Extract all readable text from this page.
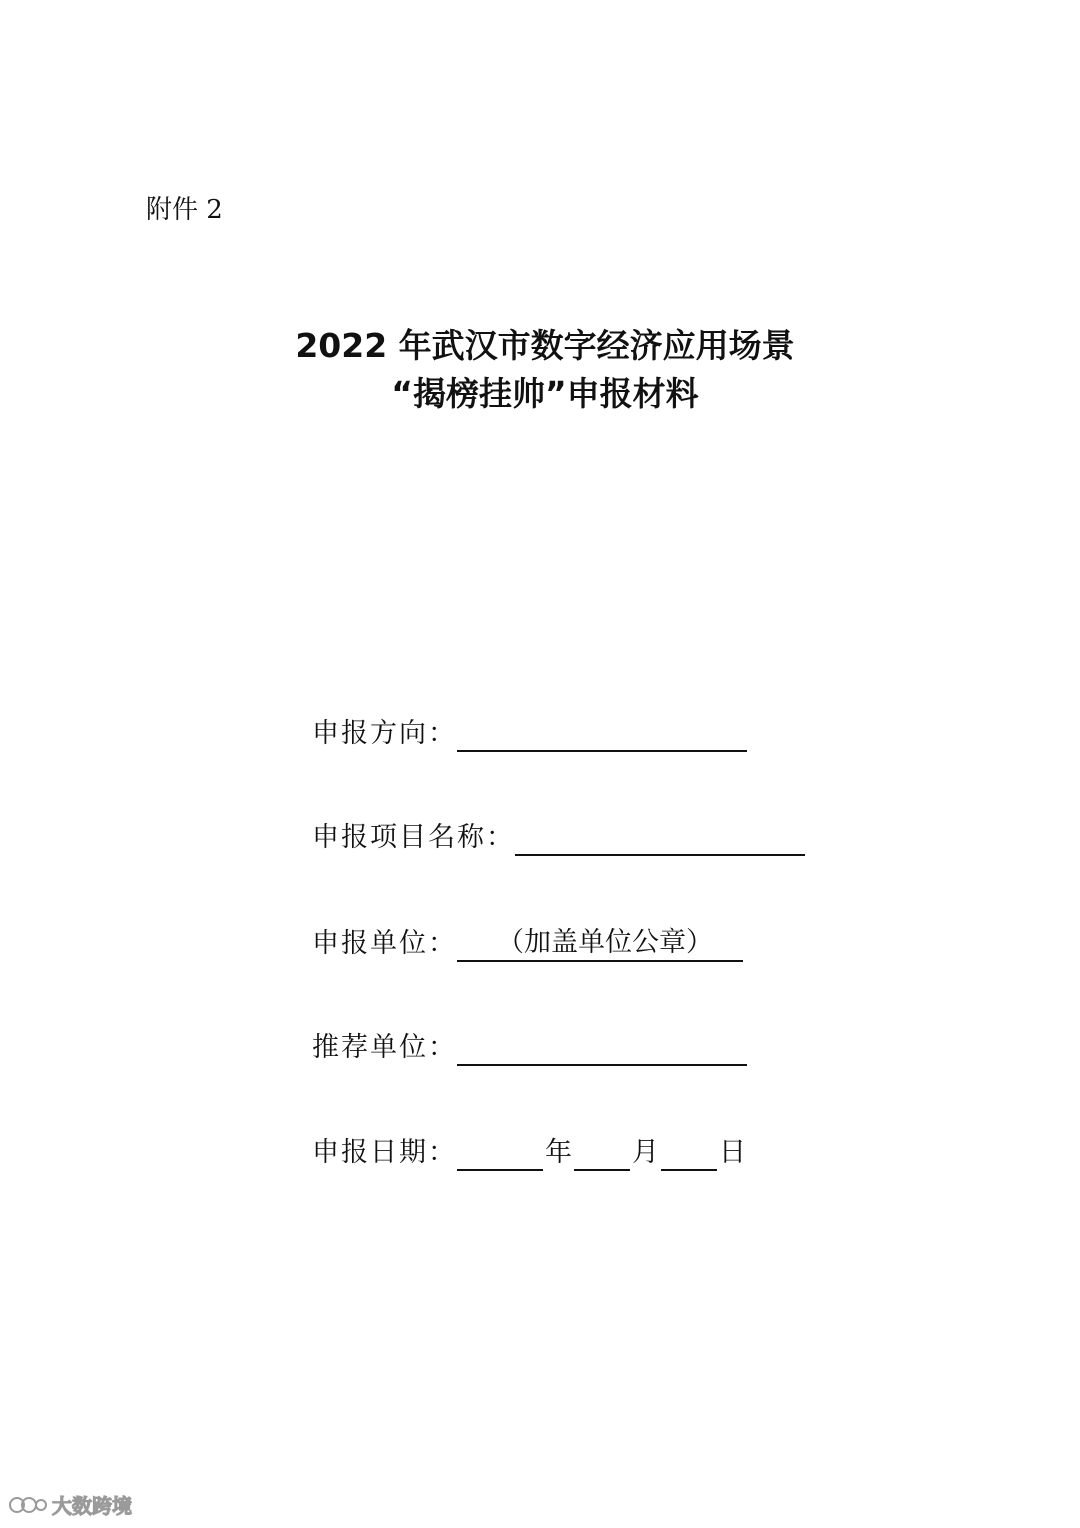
附件 2
2022 年武汉市数字经济应用场景
“揭榜挂帅”申报材料
申报方向：
申报项目名称：
申报单位：	（加盖单位公章）
推荐单位：
申报日期：	年 月 日
大数跨境
